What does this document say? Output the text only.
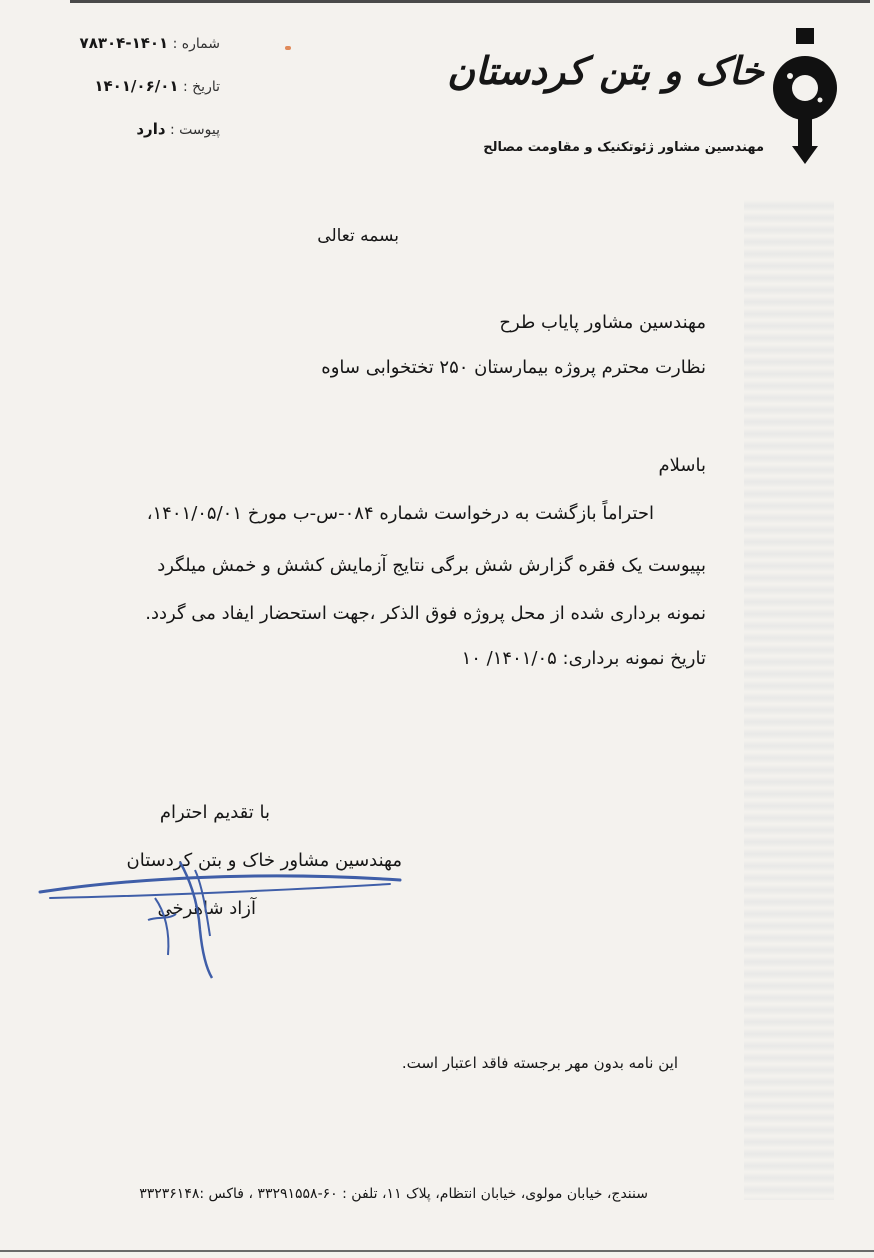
شماره : ۱۴۰۱-۷۸۳۰۴
تاریخ : ۱۴۰۱/۰۶/۰۱
پیوست : دارد
خاک و بتن کردستان
مهندسین مشاور ژئوتکنیک و مقاومت مصالح
بسمه تعالی
مهندسین مشاور پایاب طرح
نظارت محترم پروژه بیمارستان ۲۵۰ تختخوابی ساوه
باسلام
احتراماً بازگشت به درخواست شماره ۰۸۴-س-ب مورخ ۱۴۰۱/۰۵/۰۱،
بپیوست یک فقره گزارش شش برگی نتایج آزمایش کشش و خمش میلگرد
نمونه برداری شده از محل پروژه فوق الذکر ،جهت استحضار ایفاد می گردد.
تاریخ نمونه برداری: ۱۴۰۱/۰۵/ ۱۰
با تقدیم احترام
مهندسین مشاور خاک و بتن کردستان
آزاد شاهرخی
این نامه بدون مهر برجسته فاقد اعتبار است.
سنندج، خیابان مولوی، خیابان انتظام، پلاک ۱۱، تلفن : ۶۰-۳۳۲۹۱۵۵۸ ، فاکس :۳۳۲۳۶۱۴۸
